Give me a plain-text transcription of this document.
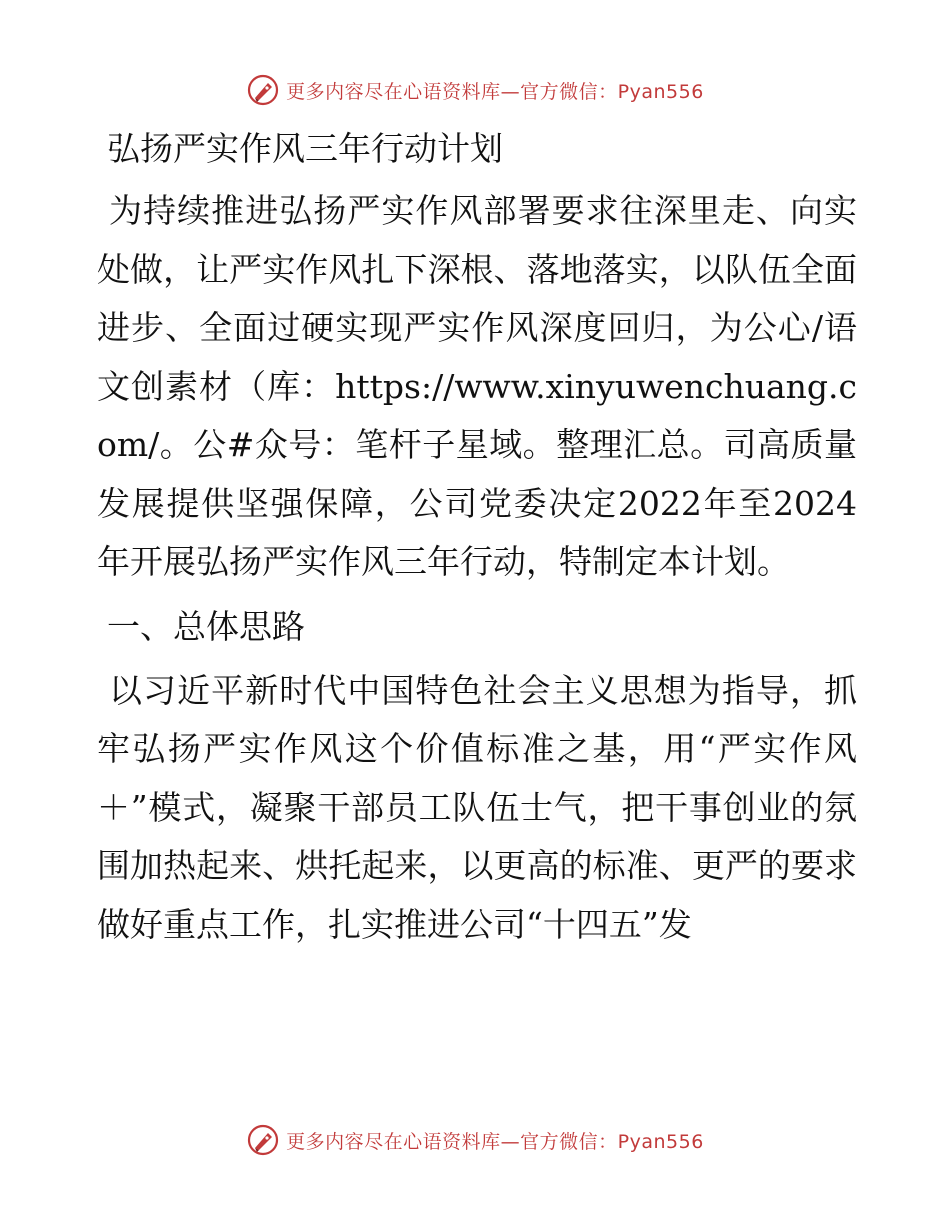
更多内容尽在心语资料库—官方微信：Pyan556
弘扬严实作风三年行动计划

为持续推进弘扬严实作风部署要求往深里走、向实处做，让严实作风扎下深根、落地落实，以队伍全面进步、全面过硬实现严实作风深度回归，为公心/语文创素材（库：https://www.xinyuwenchuang.com/。公#众号：笔杆子星域。整理汇总。司高质量发展提供坚强保障，公司党委决定2022年至2024年开展弘扬严实作风三年行动，特制定本计划。

一、总体思路

以习近平新时代中国特色社会主义思想为指导，抓牢弘扬严实作风这个价值标准之基，用“严实作风＋”模式，凝聚干部员工队伍士气，把干事创业的氛围加热起来、烘托起来，以更高的标准、更严的要求做好重点工作，扎实推进公司“十四五”发

更多内容尽在心语资料库—官方微信：Pyan556
